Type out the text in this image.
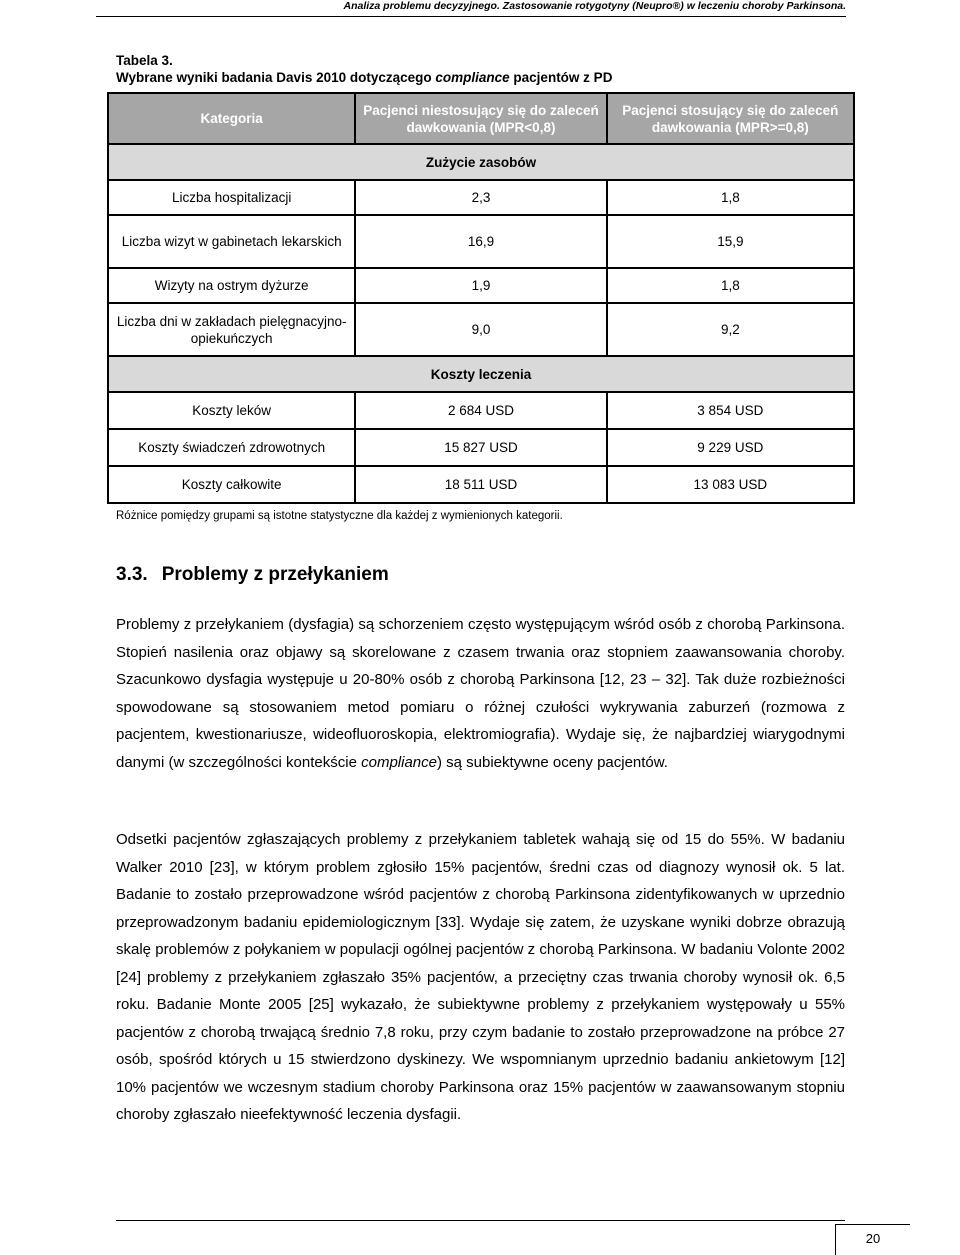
Analiza problemu decyzyjnego. Zastosowanie rotygotyny (Neupro®) w leczeniu choroby Parkinsona.
Tabela 3.
Wybrane wyniki badania Davis 2010 dotyczącego compliance pacjentów z PD
Kategoria	Pacjenci niestosujący się do zaleceń dawkowania (MPR<0,8)	Pacjenci stosujący się do zaleceń dawkowania (MPR>=0,8)
Zużycie zasobów		
Liczba hospitalizacji	2,3	1,8
Liczba wizyt w gabinetach lekarskich	16,9	15,9
Wizyty na ostrym dyżurze	1,9	1,8
Liczba dni w zakładach pielęgnacyjno-opiekuńczych	9,0	9,2
Koszty leczenia		
Koszty leków	2 684 USD	3 854 USD
Koszty świadczeń zdrowotnych	15 827 USD	9 229 USD
Koszty całkowite	18 511 USD	13 083 USD
Różnice pomiędzy grupami są istotne statystyczne dla każdej z wymienionych kategorii.
3.3. Problemy z przełykaniem

Problemy z przełykaniem (dysfagia) są schorzeniem często występującym wśród osób z chorobą Parkinsona. Stopień nasilenia oraz objawy są skorelowane z czasem trwania oraz stopniem zaawansowania choroby. Szacunkowo dysfagia występuje u 20-80% osób z chorobą Parkinsona [12, 23 – 32]. Tak duże rozbieżności spowodowane są stosowaniem metod pomiaru o różnej czułości wykrywania zaburzeń (rozmowa z pacjentem, kwestionariusze, wideofluoroskopia, elektromiografia). Wydaje się, że najbardziej wiarygodnymi danymi (w szczególności kontekście compliance) są subiektywne oceny pacjentów.

Odsetki pacjentów zgłaszających problemy z przełykaniem tabletek wahają się od 15 do 55%. W badaniu Walker 2010 [23], w którym problem zgłosiło 15% pacjentów, średni czas od diagnozy wynosił ok. 5 lat. Badanie to zostało przeprowadzone wśród pacjentów z chorobą Parkinsona zidentyfikowanych w uprzednio przeprowadzonym badaniu epidemiologicznym [33]. Wydaje się zatem, że uzyskane wyniki dobrze obrazują skalę problemów z połykaniem w populacji ogólnej pacjentów z chorobą Parkinsona. W badaniu Volonte 2002 [24] problemy z przełykaniem zgłaszało 35% pacjentów, a przeciętny czas trwania choroby wynosił ok. 6,5 roku. Badanie Monte 2005 [25] wykazało, że subiektywne problemy z przełykaniem występowały u 55% pacjentów z chorobą trwającą średnio 7,8 roku, przy czym badanie to zostało przeprowadzone na próbce 27 osób, spośród których u 15 stwierdzono dyskinezy. We wspomnianym uprzednio badaniu ankietowym [12] 10% pacjentów we wczesnym stadium choroby Parkinsona oraz 15% pacjentów w zaawansowanym stopniu choroby zgłaszało nieefektywność leczenia dysfagii.

20
